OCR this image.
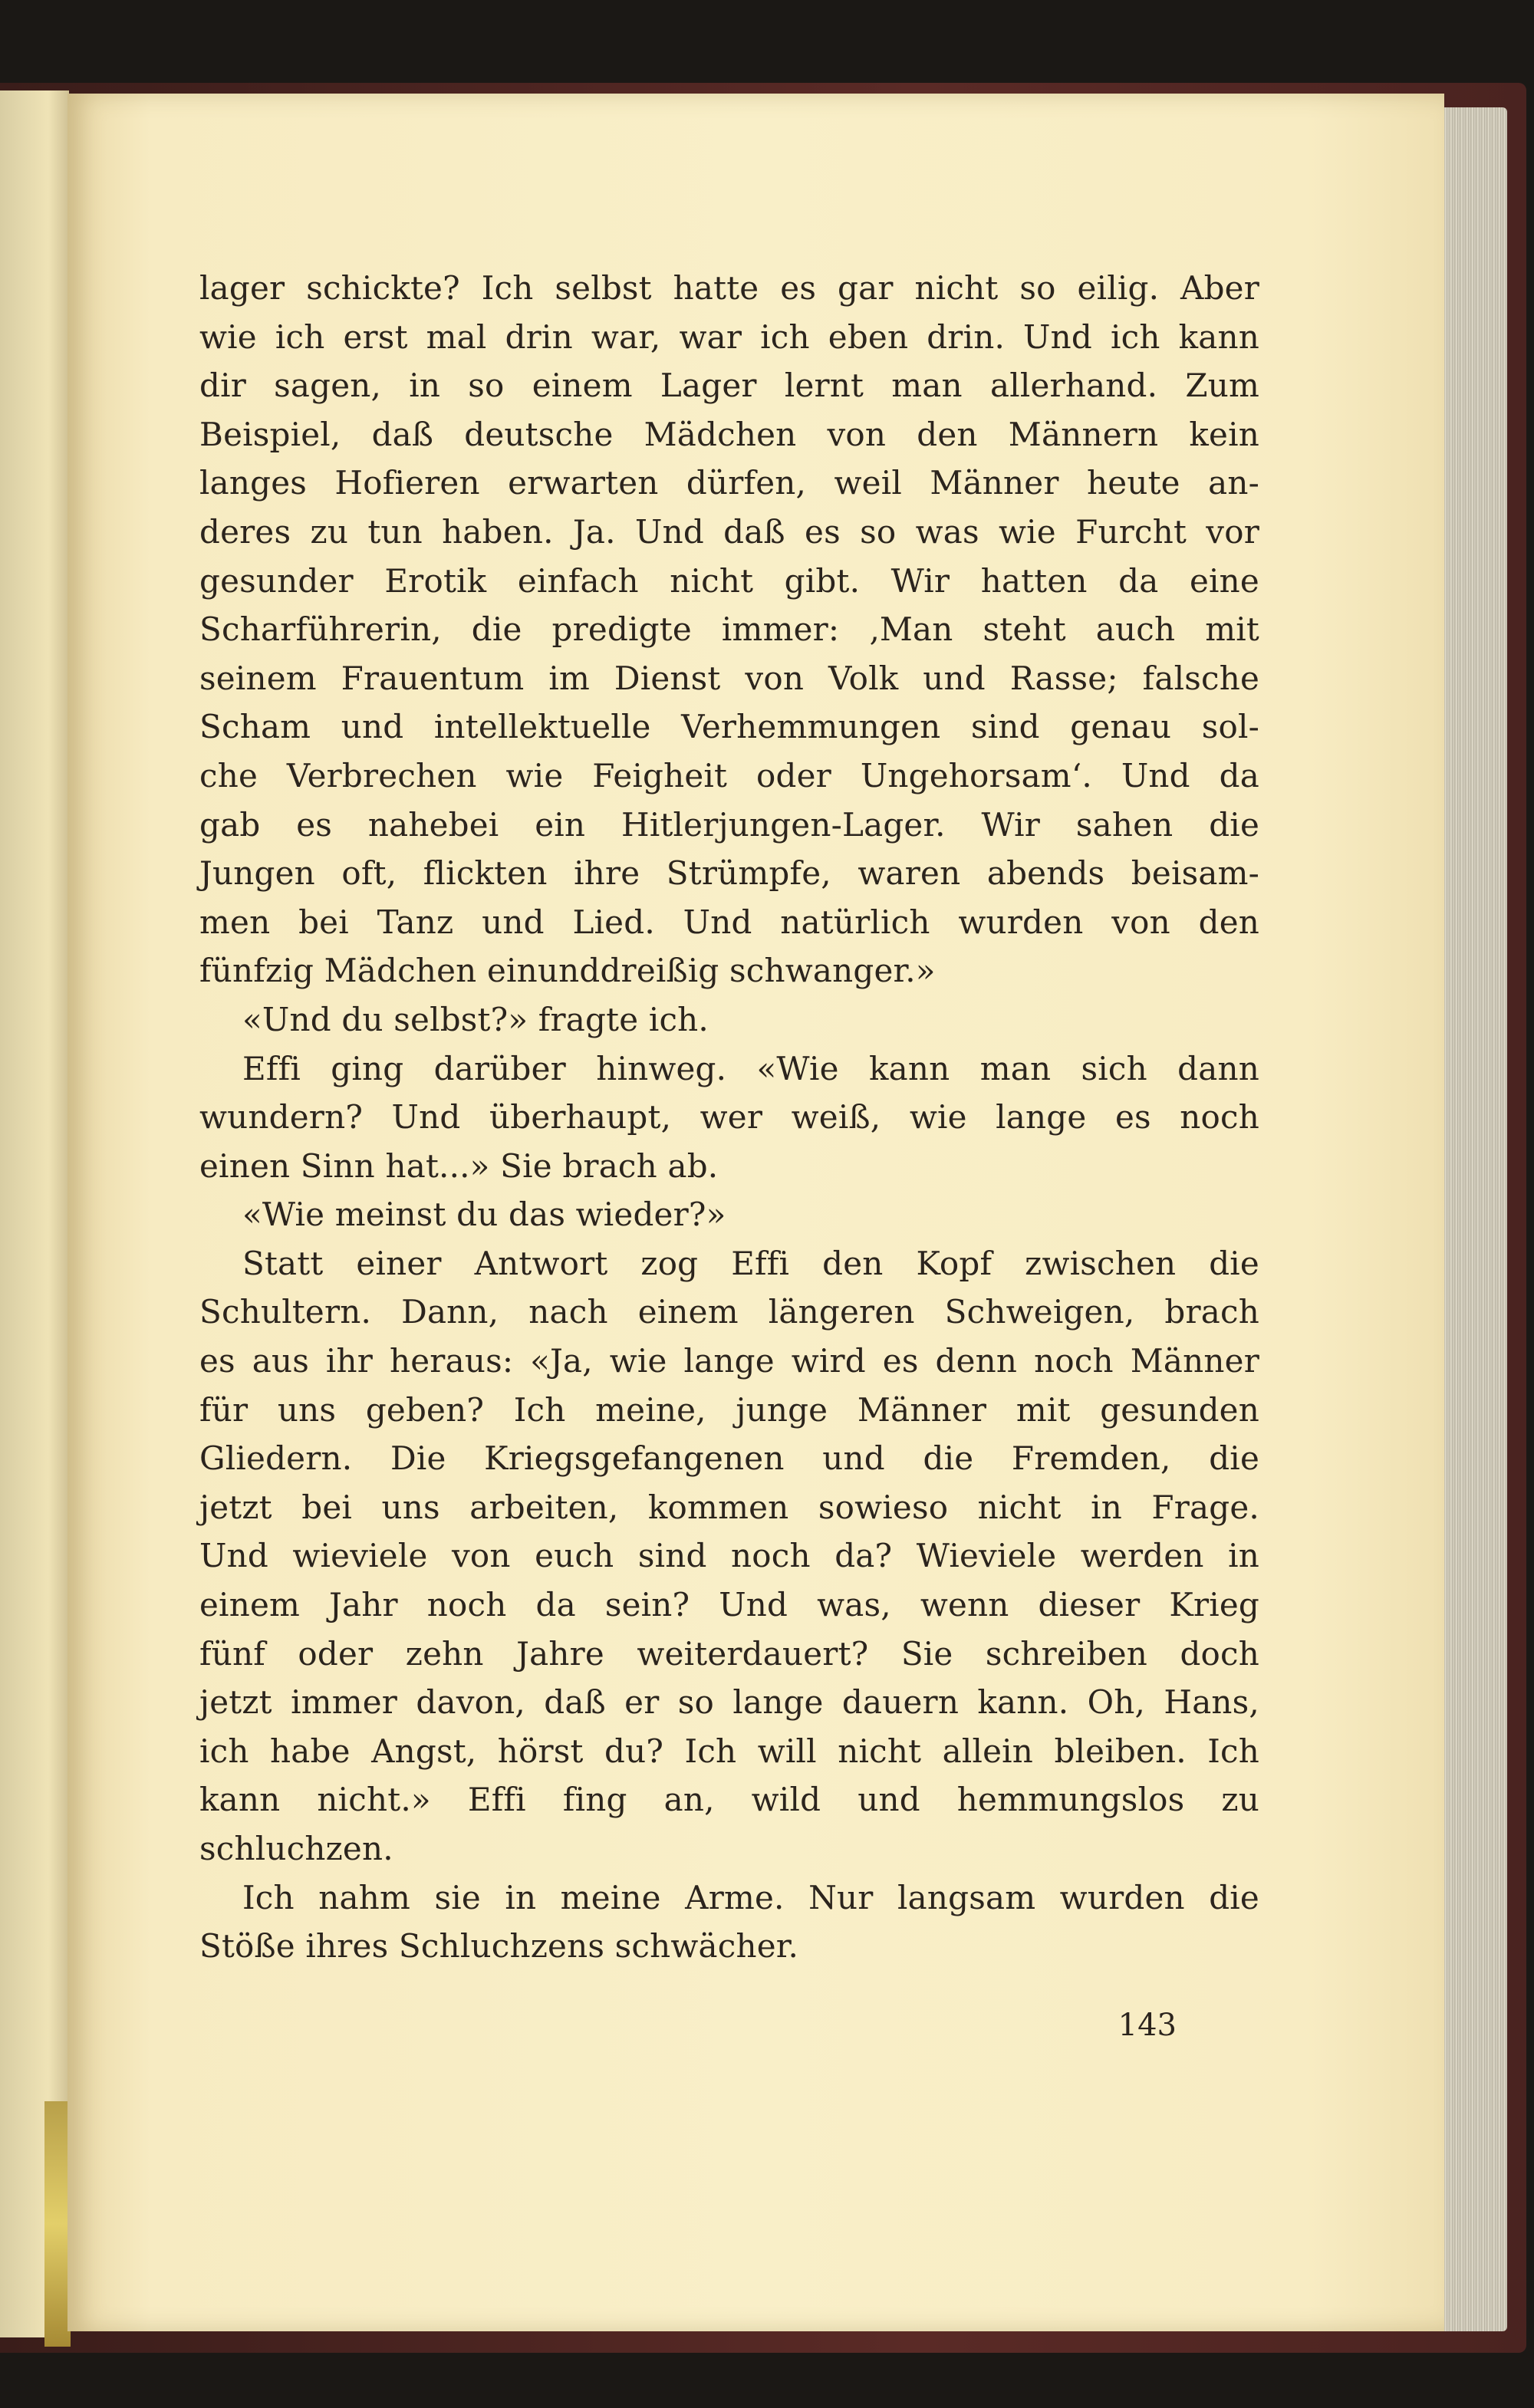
lager schickte? Ich selbst hatte es gar nicht so eilig. Aber
wie ich erst mal drin war, war ich eben drin. Und ich kann
dir sagen, in so einem Lager lernt man allerhand. Zum
Beispiel, daß deutsche Mädchen von den Männern kein
langes Hofieren erwarten dürfen, weil Männer heute an-
deres zu tun haben. Ja. Und daß es so was wie Furcht vor
gesunder Erotik einfach nicht gibt. Wir hatten da eine
Scharführerin, die predigte immer: ‚Man steht auch mit
seinem Frauentum im Dienst von Volk und Rasse; falsche
Scham und intellektuelle Verhemmungen sind genau sol-
che Verbrechen wie Feigheit oder Ungehorsam‘. Und da
gab es nahebei ein Hitlerjungen-Lager. Wir sahen die
Jungen oft, flickten ihre Strümpfe, waren abends beisam-
men bei Tanz und Lied. Und natürlich wurden von den
fünfzig Mädchen einunddreißig schwanger.»
«Und du selbst?» fragte ich.
Effi ging darüber hinweg. «Wie kann man sich dann
wundern? Und überhaupt, wer weiß, wie lange es noch
einen Sinn hat...» Sie brach ab.
«Wie meinst du das wieder?»
Statt einer Antwort zog Effi den Kopf zwischen die
Schultern. Dann, nach einem längeren Schweigen, brach
es aus ihr heraus: «Ja, wie lange wird es denn noch Männer
für uns geben? Ich meine, junge Männer mit gesunden
Gliedern. Die Kriegsgefangenen und die Fremden, die
jetzt bei uns arbeiten, kommen sowieso nicht in Frage.
Und wieviele von euch sind noch da? Wieviele werden in
einem Jahr noch da sein? Und was, wenn dieser Krieg
fünf oder zehn Jahre weiterdauert? Sie schreiben doch
jetzt immer davon, daß er so lange dauern kann. Oh, Hans,
ich habe Angst, hörst du? Ich will nicht allein bleiben. Ich
kann nicht.» Effi fing an, wild und hemmungslos zu
schluchzen.
Ich nahm sie in meine Arme. Nur langsam wurden die
Stöße ihres Schluchzens schwächer.
143
